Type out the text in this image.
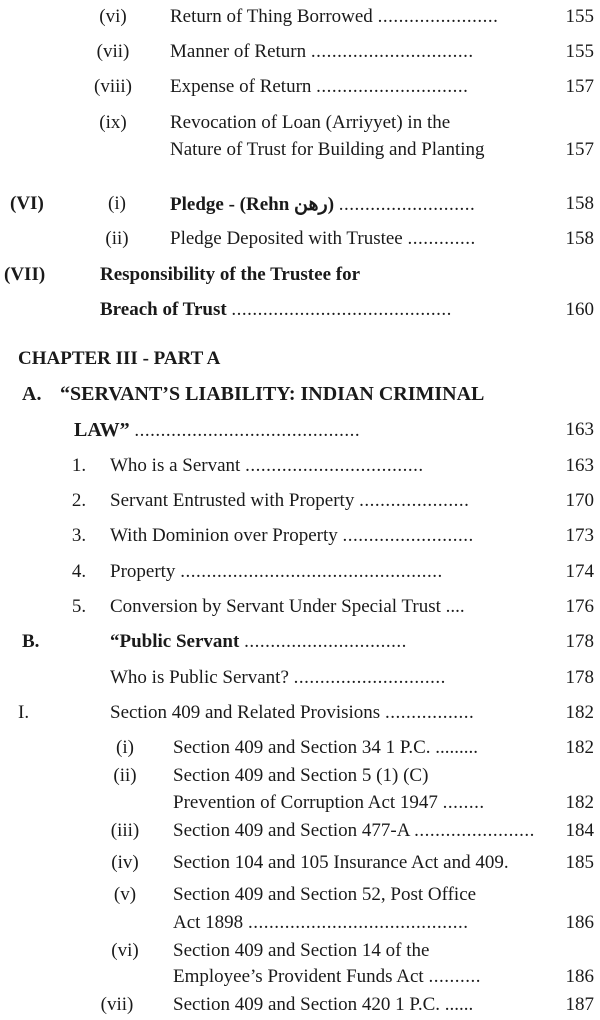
(vi)	Return of Thing Borrowed .......................	155
(vii)	Manner of Return ...............................	155
(viii)	Expense of Return .............................	157
(ix)	Revocation of Loan (Arriyyet) in the
Nature of Trust for Building and Planting	157
(VI)	(i)	Pledge - (Rehn رهن) ..........................	158
(ii)	Pledge Deposited with Trustee .............	158
(VII)	Responsibility of the Trustee for
Breach of Trust ..........................................	160
CHAPTER III - PART A
A. “SERVANT’S LIABILITY: INDIAN CRIMINAL
LAW” ...........................................	163
1.	Who is a Servant ..................................	163
2.	Servant Entrusted with Property .....................	170
3.	With Dominion over Property .........................	173
4.	Property ..................................................	174
5.	Conversion by Servant Under Special Trust ....	176
B.	“Public Servant ...............................	178
Who is Public Servant? .............................	178
I.	Section 409 and Related Provisions .................	182
(i)	Section 409 and Section 34 1 P.C. .........	182
(ii)	Section 409 and Section 5 (1) (C)
Prevention of Corruption Act 1947 ........	182
(iii)	Section 409 and Section 477-A ....................... 184
(iv)	Section 104 and 105 Insurance Act and 409.	185
(v)	Section 409 and Section 52, Post Office
Act 1898 ..........................................	186
(vi)	Section 409 and Section 14 of the
Employee’s Provident Funds Act ..........	186
(vii)	Section 409 and Section 420 1 P.C. ......	187
